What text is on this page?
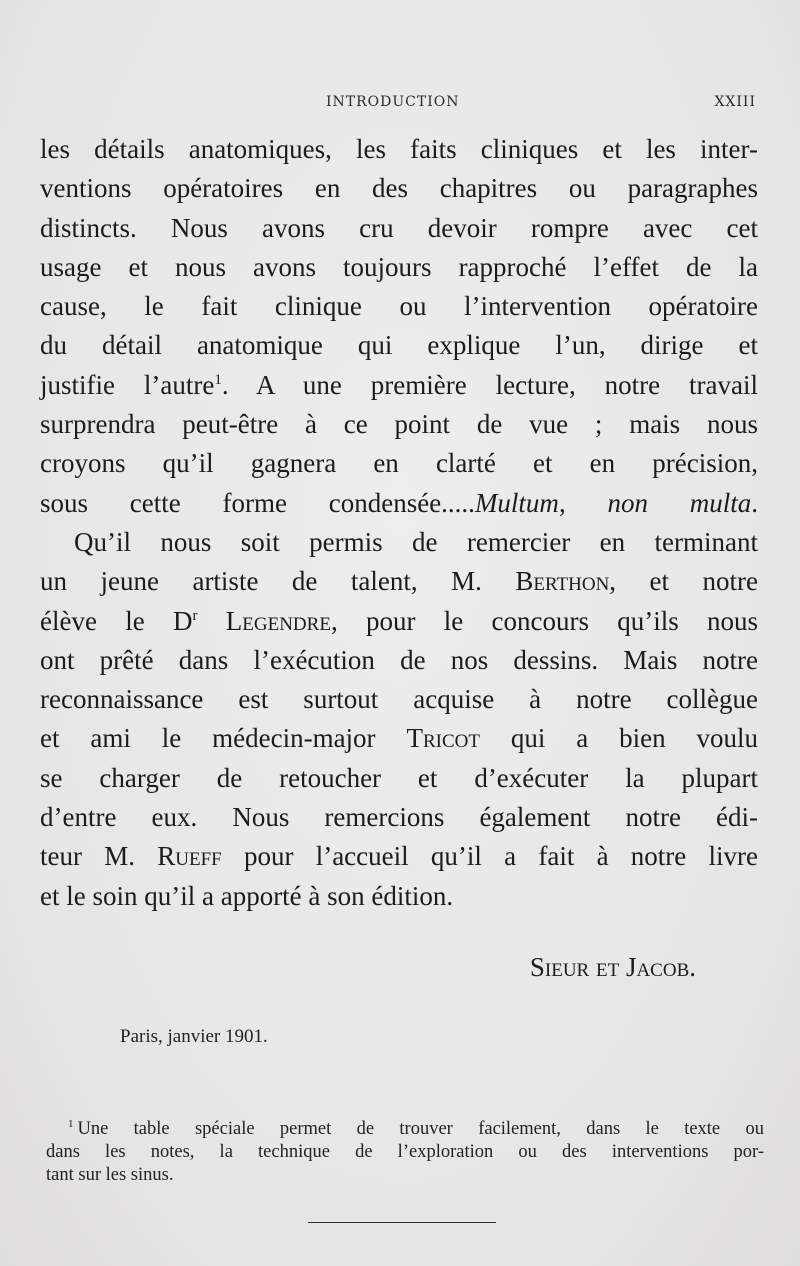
INTRODUCTION	XXIII
les détails anatomiques, les faits cliniques et les inter-
ventions opératoires en des chapitres ou paragraphes
distincts. Nous avons cru devoir rompre avec cet
usage et nous avons toujours rapproché l’effet de la
cause, le fait clinique ou l’intervention opératoire
du détail anatomique qui explique l’un, dirige et
justifie l’autre$^1$. A une première lecture, notre travail
surprendra peut-être à ce point de vue ; mais nous
croyons qu’il gagnera en clarté et en précision,
sous cette forme condensée.....Multum, non multa.
Qu’il nous soit permis de remercier en terminant
un jeune artiste de talent, M. Berthon, et notre
élève le $D^r$ Legendre, pour le concours qu’ils nous
ont prêté dans l’exécution de nos dessins. Mais notre
reconnaissance est surtout acquise à notre collègue
et ami le médecin-major Tricot qui a bien voulu
se charger de retoucher et d’exécuter la plupart
d’entre eux. Nous remercions également notre édi-
teur M. Rueff pour l’accueil qu’il a fait à notre livre
et le soin qu’il a apporté à son édition.
Sieur et Jacob.
Paris, janvier 1901.
$^1$ Une table spéciale permet de trouver facilement, dans le texte ou
dans les notes, la technique de l’exploration ou des interventions por-
tant sur les sinus.
